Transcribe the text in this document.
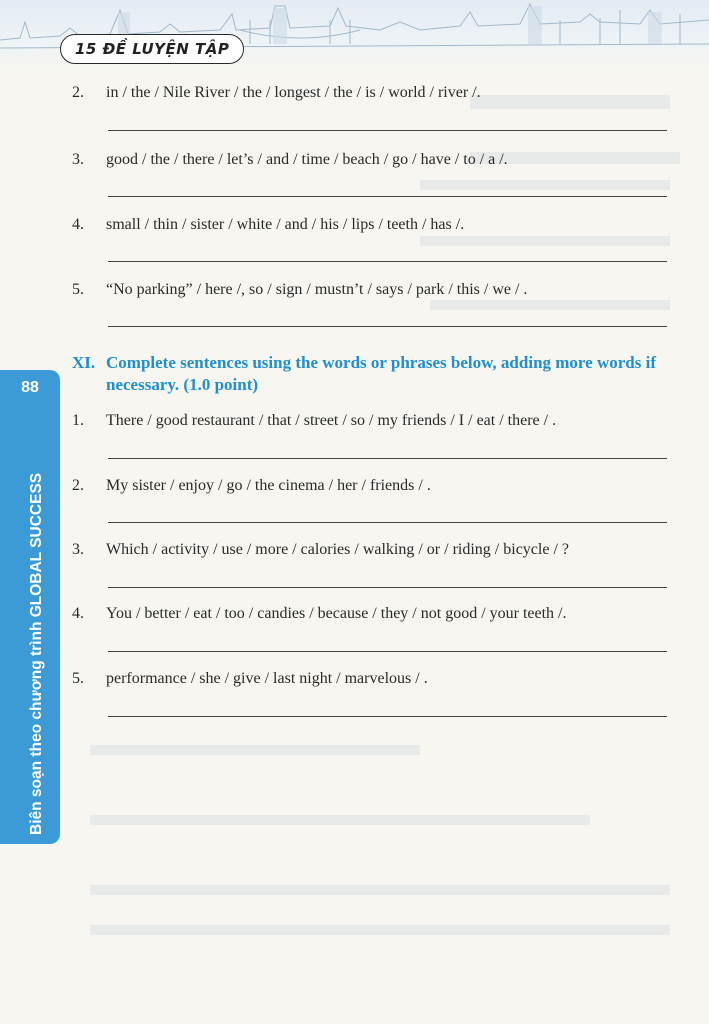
15 ĐỀ LUYỆN TẬP
88
Biên soạn theo chương trình GLOBAL SUCCESS
2. in / the / Nile River / the / longest / the / is / world / river /.
3. good / the / there / let’s / and / time / beach / go / have / to / a /.
4. small / thin / sister / white / and / his / lips / teeth / has /.
5. “No parking” / here /, so / sign / mustn’t / says / park / this / we / .
XI. Complete sentences using the words or phrases below, adding more words if necessary. (1.0 point)
1. There / good restaurant / that / street / so / my friends / I / eat / there / .
2. My sister / enjoy / go / the cinema / her / friends / .
3. Which / activity / use / more / calories / walking / or / riding / bicycle / ?
4. You / better / eat / too / candies / because / they / not good / your teeth /.
5. performance / she / give / last night / marvelous / .
